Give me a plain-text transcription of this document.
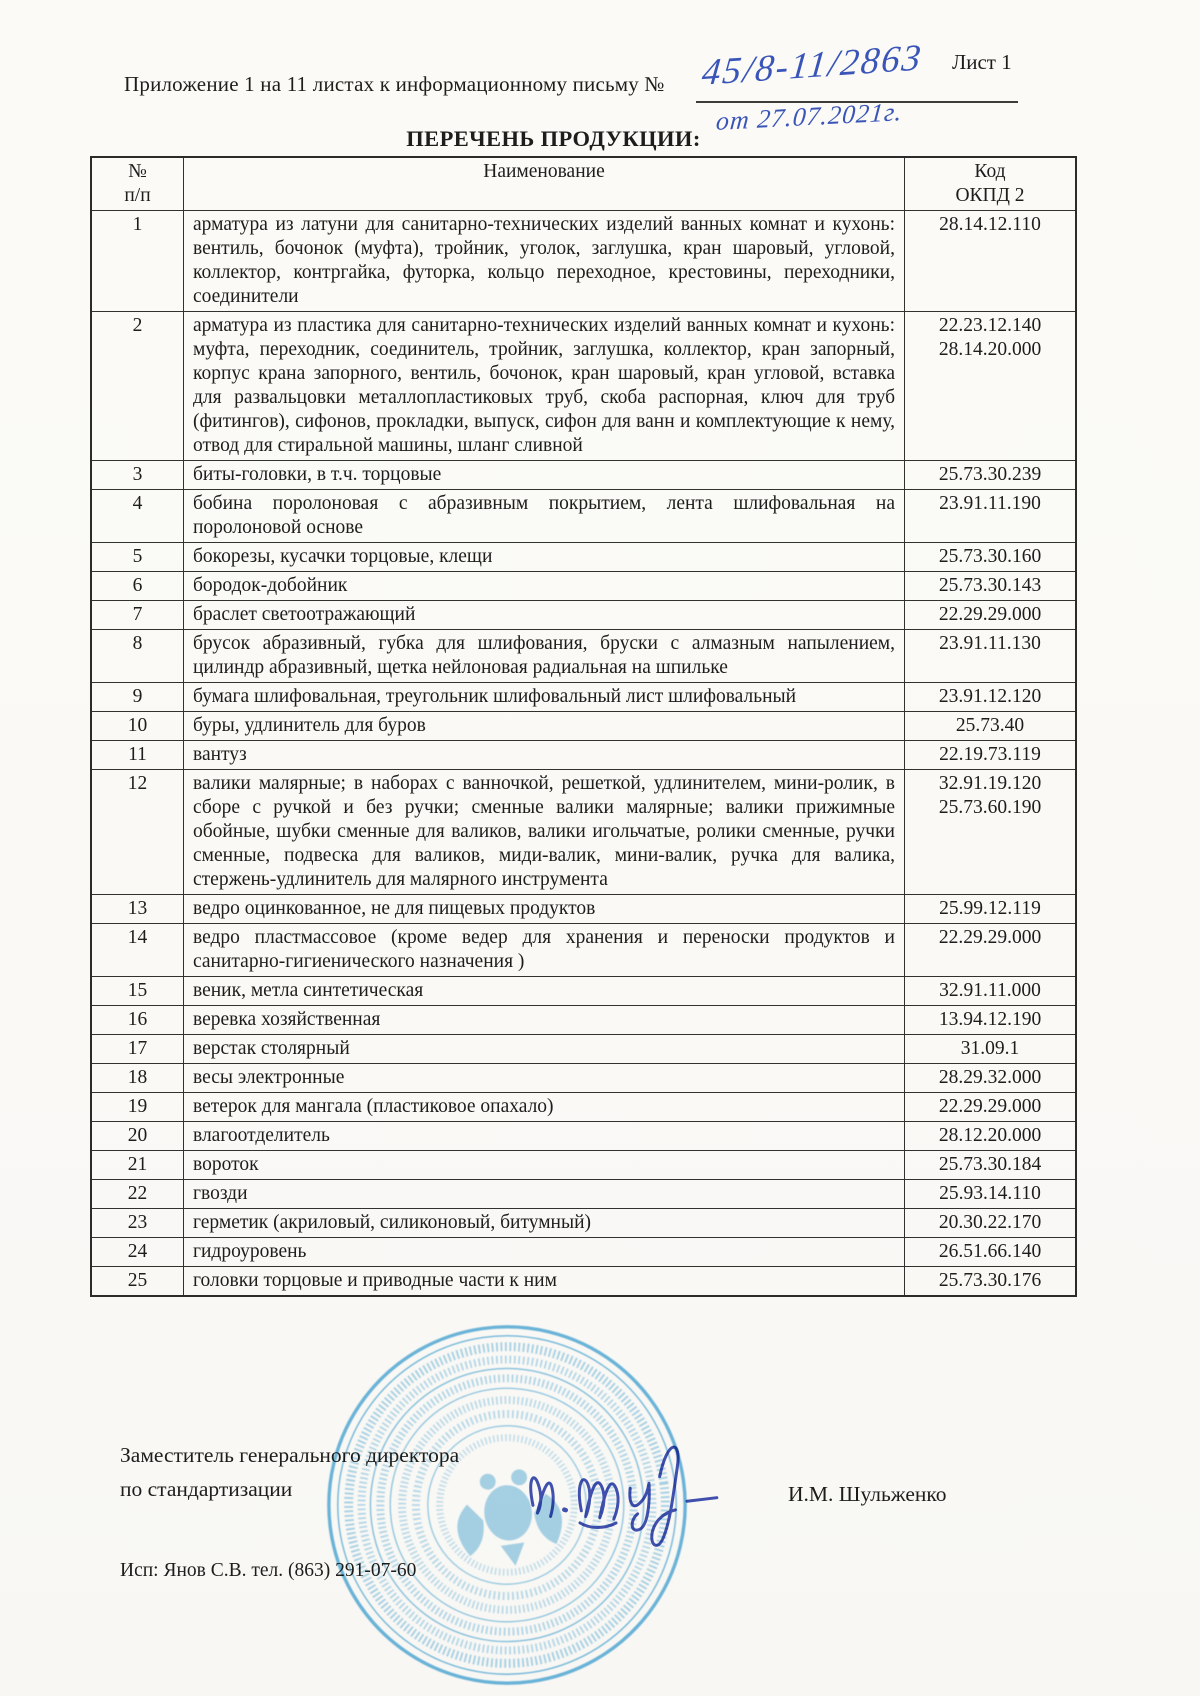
Лист 1
Приложение 1 на 11 листах к информационному письму № 45/8-11/2863
от 27.07.2021г.
ПЕРЕЧЕНЬ ПРОДУКЦИИ:
№
п/п	Наименование	Код
ОКПД 2

1	арматура из латуни для санитарно-технических изделий ванных комнат и кухонь: вентиль, бочонок (муфта), тройник, уголок, заглушка, кран шаровый, угловой, коллектор, контргайка, футорка, кольцо переходное, крестовины, переходники, соединители	28.14.12.110

2	арматура из пластика для санитарно-технических изделий ванных комнат и кухонь: муфта, переходник, соединитель, тройник, заглушка, коллектор, кран запорный, корпус крана запорного, вентиль, бочонок, кран шаровый, кран угловой, вставка для развальцовки металлопластиковых труб, скоба распорная, ключ для труб (фитингов), сифонов, прокладки, выпуск, сифон для ванн и комплектующие к нему, отвод для стиральной машины, шланг сливной	22.23.12.140
28.14.20.000

3	биты-головки, в т.ч. торцовые	25.73.30.239

4	бобина поролоновая с абразивным покрытием, лента шлифовальная на поролоновой основе	23.91.11.190

5	бокорезы, кусачки торцовые, клещи	25.73.30.160

6	бородок-добойник	25.73.30.143

7	браслет светоотражающий	22.29.29.000

8	брусок абразивный, губка для шлифования, бруски с алмазным напылением, цилиндр абразивный, щетка нейлоновая радиальная на шпильке	23.91.11.130

9	бумага шлифовальная, треугольник шлифовальный лист шлифовальный	23.91.12.120

10	буры, удлинитель для буров	25.73.40

11	вантуз	22.19.73.119

12	валики малярные; в наборах с ванночкой, решеткой, удлинителем, мини-ролик, в сборе с ручкой и без ручки; сменные валики малярные; валики прижимные обойные, шубки сменные для валиков, валики игольчатые, ролики сменные, ручки сменные, подвеска для валиков, миди-валик, мини-валик, ручка для валика, стержень-удлинитель для малярного инструмента	32.91.19.120
25.73.60.190

13	ведро оцинкованное, не для пищевых продуктов	25.99.12.119

14	ведро пластмассовое (кроме ведер для хранения и переноски продуктов и санитарно-гигиенического назначения )	22.29.29.000

15	веник, метла синтетическая	32.91.11.000

16	веревка хозяйственная	13.94.12.190

17	верстак столярный	31.09.1

18	весы электронные	28.29.32.000

19	ветерок для мангала (пластиковое опахало)	22.29.29.000

20	влагоотделитель	28.12.20.000

21	вороток	25.73.30.184

22	гвозди	25.93.14.110

23	герметик (акриловый, силиконовый, битумный)	20.30.22.170

24	гидроуровень	26.51.66.140

25	головки торцовые и приводные части к ним	25.73.30.176
Заместитель генерального директора
по стандартизации	И.М. Шульженко
Исп: Янов С.В. тел. (863) 291-07-60
